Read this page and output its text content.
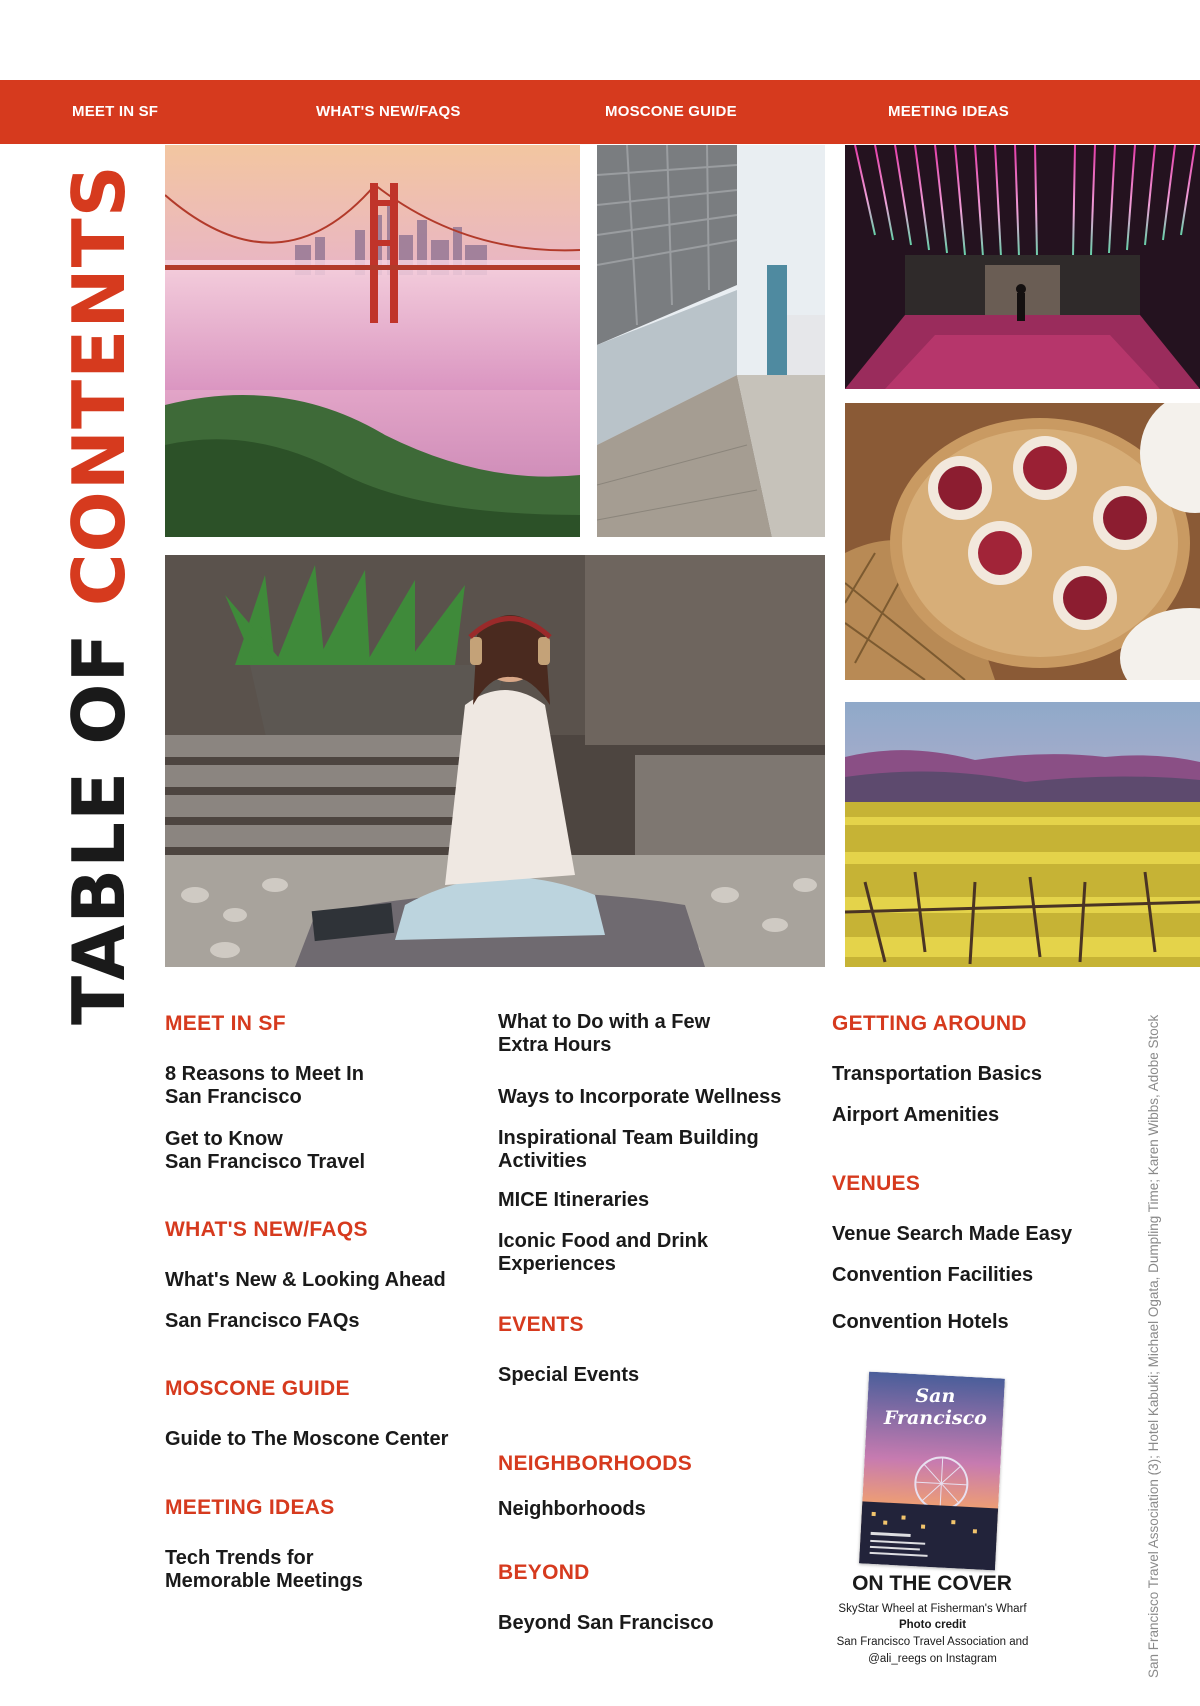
MEET IN SF	WHAT'S NEW/FAQS	MOSCONE GUIDE	MEETING IDEAS
TABLE OF CONTENTS
MEET IN SF
8 Reasons to Meet In
San Francisco
Get to Know
San Francisco Travel
WHAT'S NEW/FAQS
What's New & Looking Ahead
San Francisco FAQs
MOSCONE GUIDE
Guide to The Moscone Center
MEETING IDEAS
Tech Trends for
Memorable Meetings
What to Do with a Few
Extra Hours
Ways to Incorporate Wellness
Inspirational Team Building
Activities
MICE Itineraries
Iconic Food and Drink
Experiences
EVENTS
Special Events
NEIGHBORHOODS
Neighborhoods
BEYOND
Beyond San Francisco
GETTING AROUND
Transportation Basics
Airport Amenities
VENUES
Venue Search Made Easy
Convention Facilities
Convention Hotels
San Francisco
ON THE COVER
SkyStar Wheel at Fisherman's Wharf
Photo credit
San Francisco Travel Association and
@ali_reegs on Instagram	San Francisco Travel Association (3); Hotel Kabuki; Michael Ogata, Dumpling Time; Karen Wibbs, Adobe Stock
